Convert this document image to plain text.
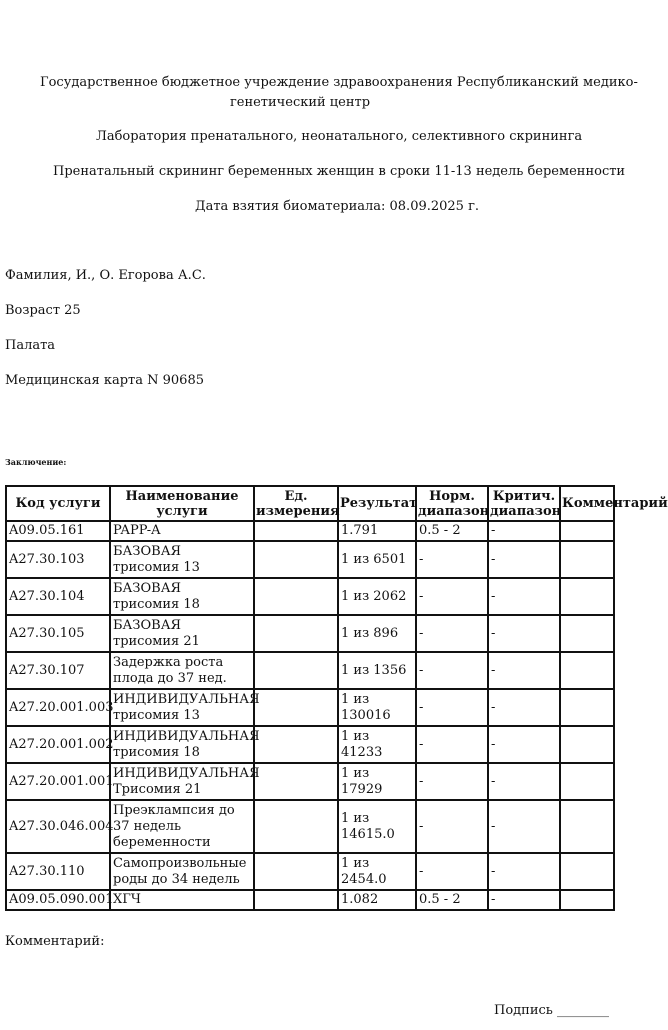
Государственное бюджетное учреждение здравоохранения Республиканский медико-
генетический центр
Лаборатория пренатального, неонатального, селективного скрининга
Пренатальный скрининг беременных женщин в сроки 11-13 недель беременности
Дата взятия биоматериала: 08.09.2025 г.
Фамилия, И., О. Егорова А.С.
Возраст 25
Палата
Медицинская карта N 90685
Заключение:
Код услуги	Наименование услуги	Ед. измерения	Результат	Норм. диапазон	Критич. диапазон	Комментарий
A09.05.161	PAPP-A		1.791	0.5 - 2	-	
A27.30.103	БАЗОВАЯ трисомия 13		1 из 6501	-	-	
A27.30.104	БАЗОВАЯ трисомия 18		1 из 2062	-	-	
A27.30.105	БАЗОВАЯ трисомия 21		1 из 896	-	-	
A27.30.107	Задержка роста плода до 37 нед.		1 из 1356	-	-	
A27.20.001.003	ИНДИВИДУАЛЬНАЯ трисомия 13		1 из 130016	-	-	
A27.20.001.002	ИНДИВИДУАЛЬНАЯ трисомия 18		1 из 41233	-	-	
A27.20.001.001	ИНДИВИДУАЛЬНАЯ Трисомия 21		1 из 17929	-	-	
A27.30.046.004	Преэклампсия до 37 недель беременности		1 из 14615.0	-	-	
A27.30.110	Самопроизвольные роды до 34 недель		1 из 2454.0	-	-	
A09.05.090.001	ХГЧ		1.082	0.5 - 2	-	
Комментарий:
Подпись ________
